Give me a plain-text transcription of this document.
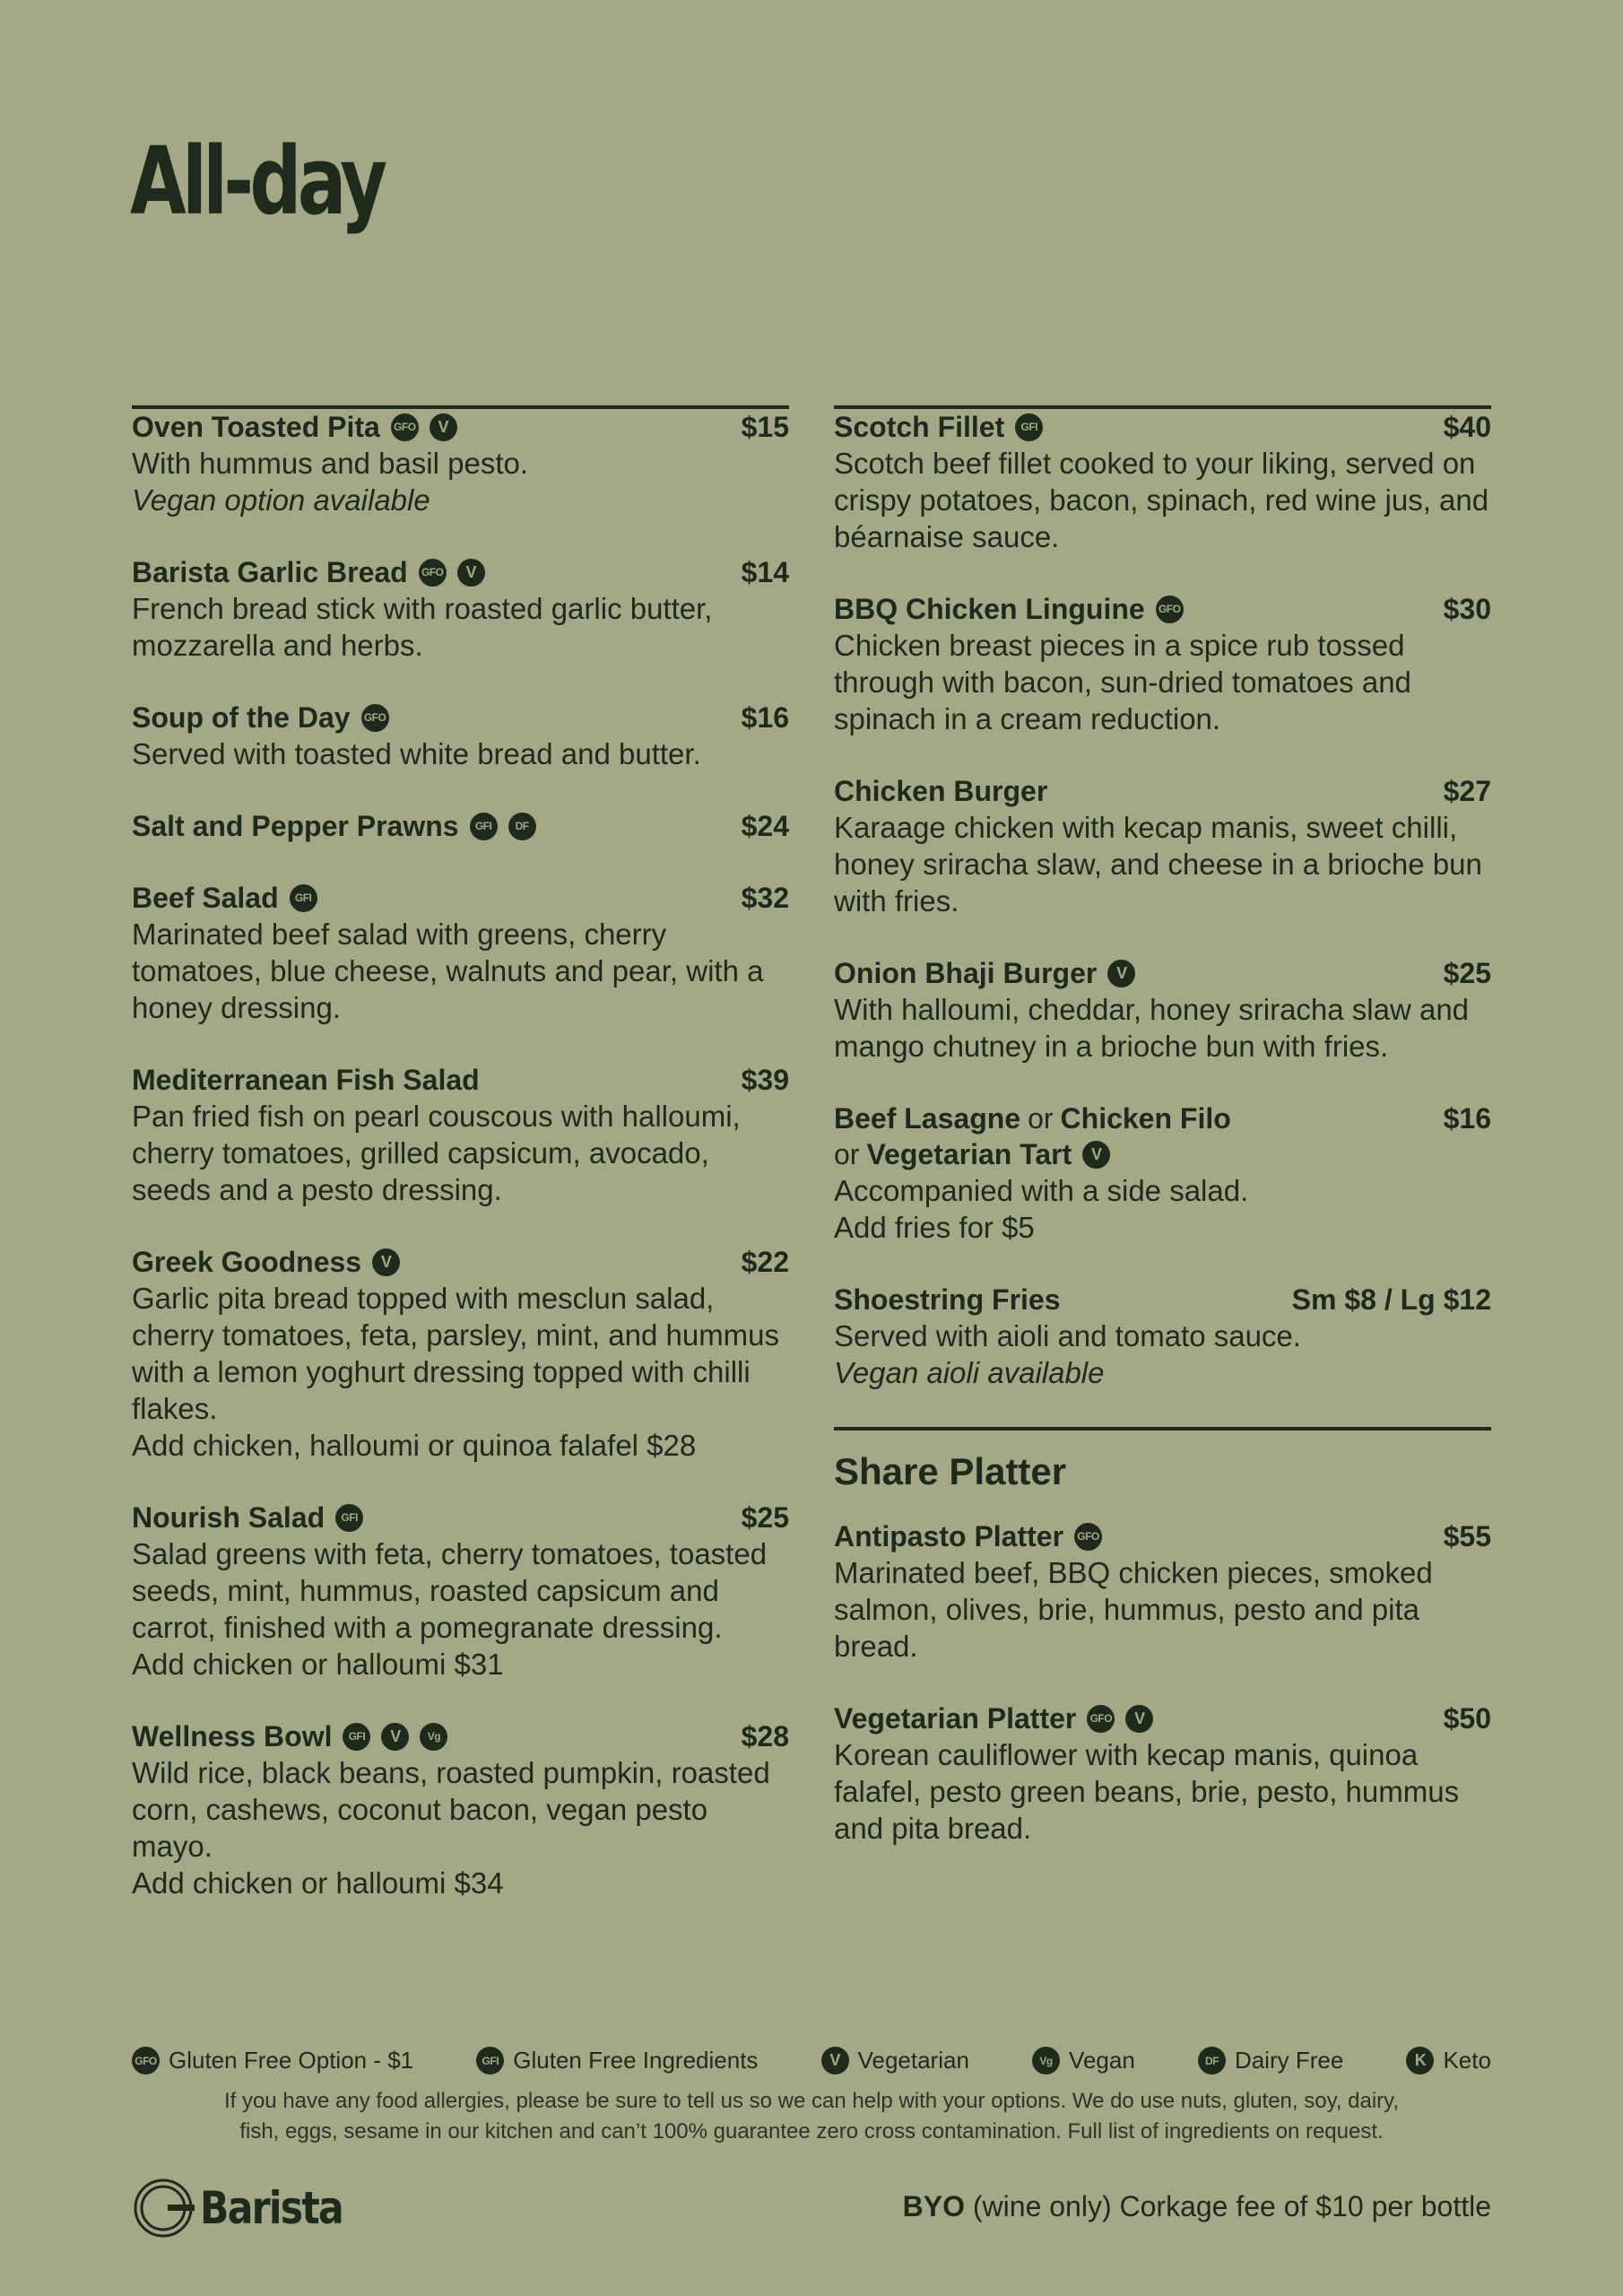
All-day
Oven Toasted Pita GFO	V	$15
With hummus and basil pesto.
Vegan option available
Barista Garlic Bread GFO	V	$14
French bread stick with roasted garlic butter, mozzarella and herbs.
Soup of the Day GFO	$16
Served with toasted white bread and butter.
Salt and Pepper Prawns	GFI	DF	$24
Beef Salad	GFI	$32
Marinated beef salad with greens, cherry tomatoes, blue cheese, walnuts and pear, with a honey dressing.
Mediterranean Fish Salad	$39
Pan fried fish on pearl couscous with halloumi, cherry tomatoes, grilled capsicum, avocado, seeds and a pesto dressing.
Greek Goodness	V	$22
Garlic pita bread topped with mesclun salad, cherry tomatoes, feta, parsley, mint, and hummus with a lemon yoghurt dressing topped with chilli flakes.
Add chicken, halloumi or quinoa falafel $28
Nourish Salad	GFI	$25
Salad greens with feta, cherry tomatoes, toasted seeds, mint, hummus, roasted capsicum and carrot, finished with a pomegranate dressing.
Add chicken or halloumi $31
Wellness Bowl	GFI	V	Vg	$28
Wild rice, black beans, roasted pumpkin, roasted corn, cashews, coconut bacon, vegan pesto mayo.
Add chicken or halloumi $34
Scotch Fillet	GFI	$40
Scotch beef fillet cooked to your liking, served on crispy potatoes, bacon, spinach, red wine jus, and béarnaise sauce.
BBQ Chicken Linguine GFO	$30
Chicken breast pieces in a spice rub tossed through with bacon, sun-dried tomatoes and spinach in a cream reduction.
Chicken Burger	$27
Karaage chicken with kecap manis, sweet chilli, honey sriracha slaw, and cheese in a brioche bun with fries.
Onion Bhaji Burger	V	$25
With halloumi, cheddar, honey sriracha slaw and mango chutney in a brioche bun with fries.
Beef Lasagne or Chicken Filo	$16
or Vegetarian Tart	V
Accompanied with a side salad.
Add fries for $5
Shoestring Fries	Sm $8 / Lg $12
Served with aioli and tomato sauce.
Vegan aioli available
Share Platter
Antipasto Platter GFO	$55
Marinated beef, BBQ chicken pieces, smoked salmon, olives, brie, hummus, pesto and pita bread.
Vegetarian Platter GFO	V	$50
Korean cauliflower with kecap manis, quinoa falafel, pesto green beans, brie, pesto, hummus and pita bread.
GFO Gluten Free Option - $1	GFI Gluten Free Ingredients	V Vegetarian	Vg Vegan	DF Dairy Free	K Keto
If you have any food allergies, please be sure to tell us so we can help with your options. We do use nuts, gluten, soy, dairy,
fish, eggs, sesame in our kitchen and can’t 100% guarantee zero cross contamination. Full list of ingredients on request.
Barista	BYO (wine only) Corkage fee of $10 per bottle
